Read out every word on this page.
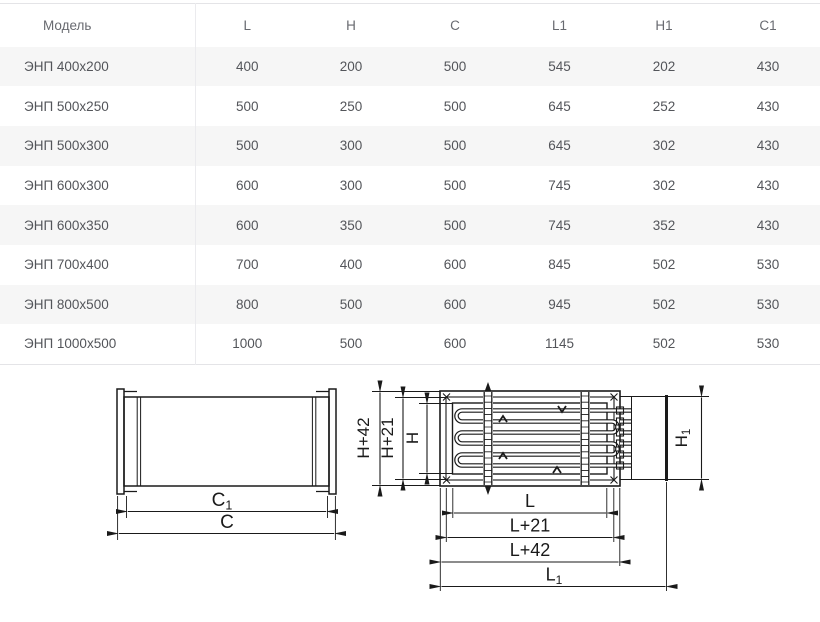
Модель	L	H	C	L1	H1	C1
ЭНП 400x200	400	200	500	545	202	430
ЭНП 500x250	500	250	500	645	252	430
ЭНП 500x300	500	300	500	645	302	430
ЭНП 600x300	600	300	500	745	302	430
ЭНП 600x350	600	350	500	745	352	430
ЭНП 700x400	700	400	600	845	502	530
ЭНП 800x500	800	500	600	945	502	530
ЭНП 1000x500	1000	500	600	1145	502	530
C1
C
H+42 H+21 H	H1
L
L+21
L+42
L1
